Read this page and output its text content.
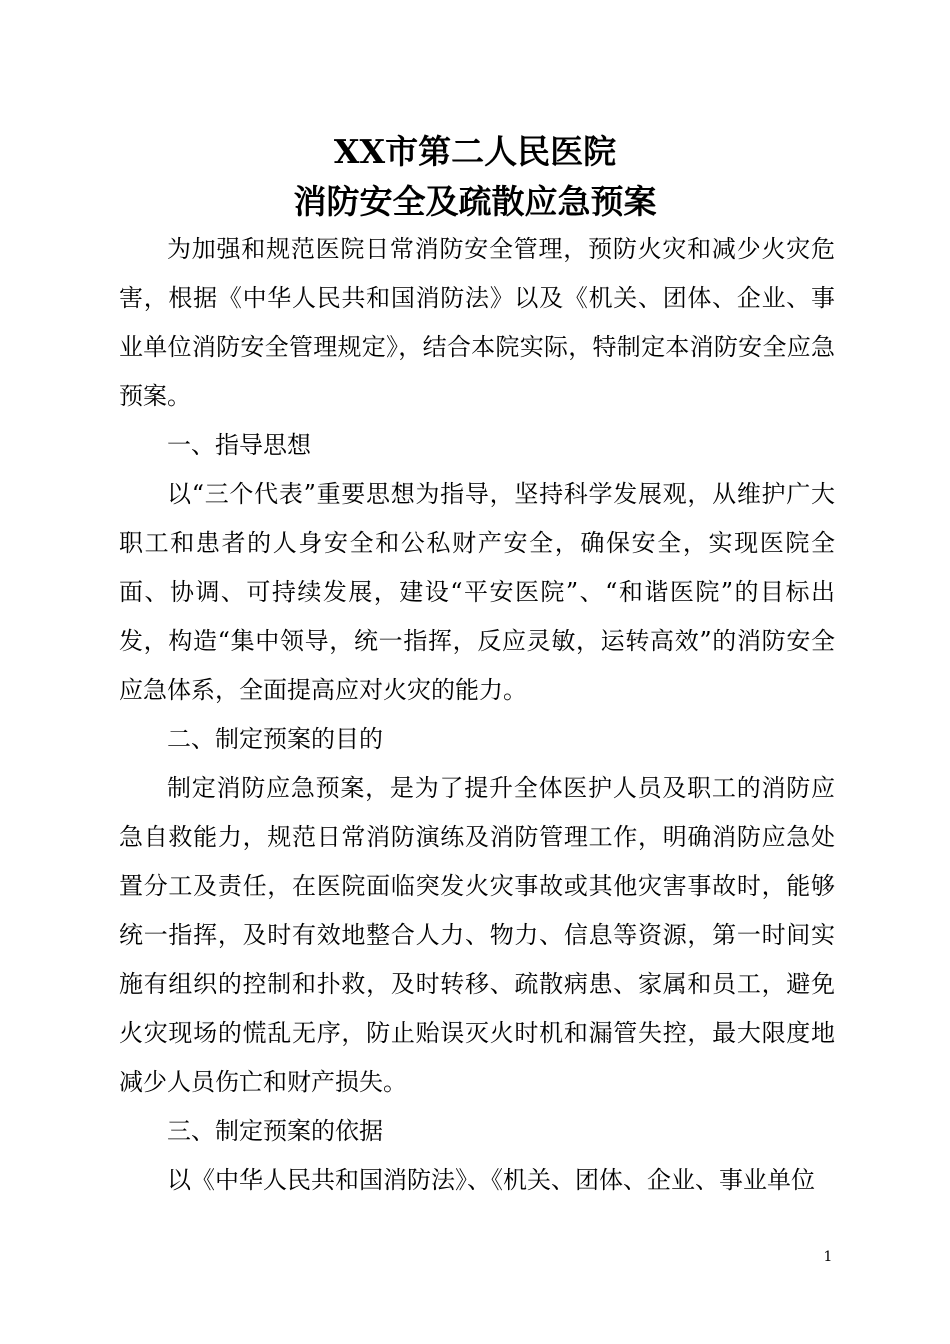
XX市第二人民医院
消防安全及疏散应急预案

为加强和规范医院日常消防安全管理，预防火灾和减少火灾危害，根据《中华人民共和国消防法》以及《机关、团体、企业、事业单位消防安全管理规定》，结合本院实际，特制定本消防安全应急预案。

一、指导思想

以“三个代表”重要思想为指导，坚持科学发展观，从维护广大职工和患者的人身安全和公私财产安全，确保安全，实现医院全面、协调、可持续发展，建设“平安医院”、“和谐医院”的目标出发，构造“集中领导，统一指挥，反应灵敏，运转高效”的消防安全应急体系，全面提高应对火灾的能力。

二、制定预案的目的

制定消防应急预案，是为了提升全体医护人员及职工的消防应急自救能力，规范日常消防演练及消防管理工作，明确消防应急处置分工及责任，在医院面临突发火灾事故或其他灾害事故时，能够统一指挥，及时有效地整合人力、物力、信息等资源，第一时间实施有组织的控制和扑救，及时转移、疏散病患、家属和员工，避免火灾现场的慌乱无序，防止贻误灭火时机和漏管失控，最大限度地减少人员伤亡和财产损失。

三、制定预案的依据

以《中华人民共和国消防法》、《机关、团体、企业、事业单位

1
